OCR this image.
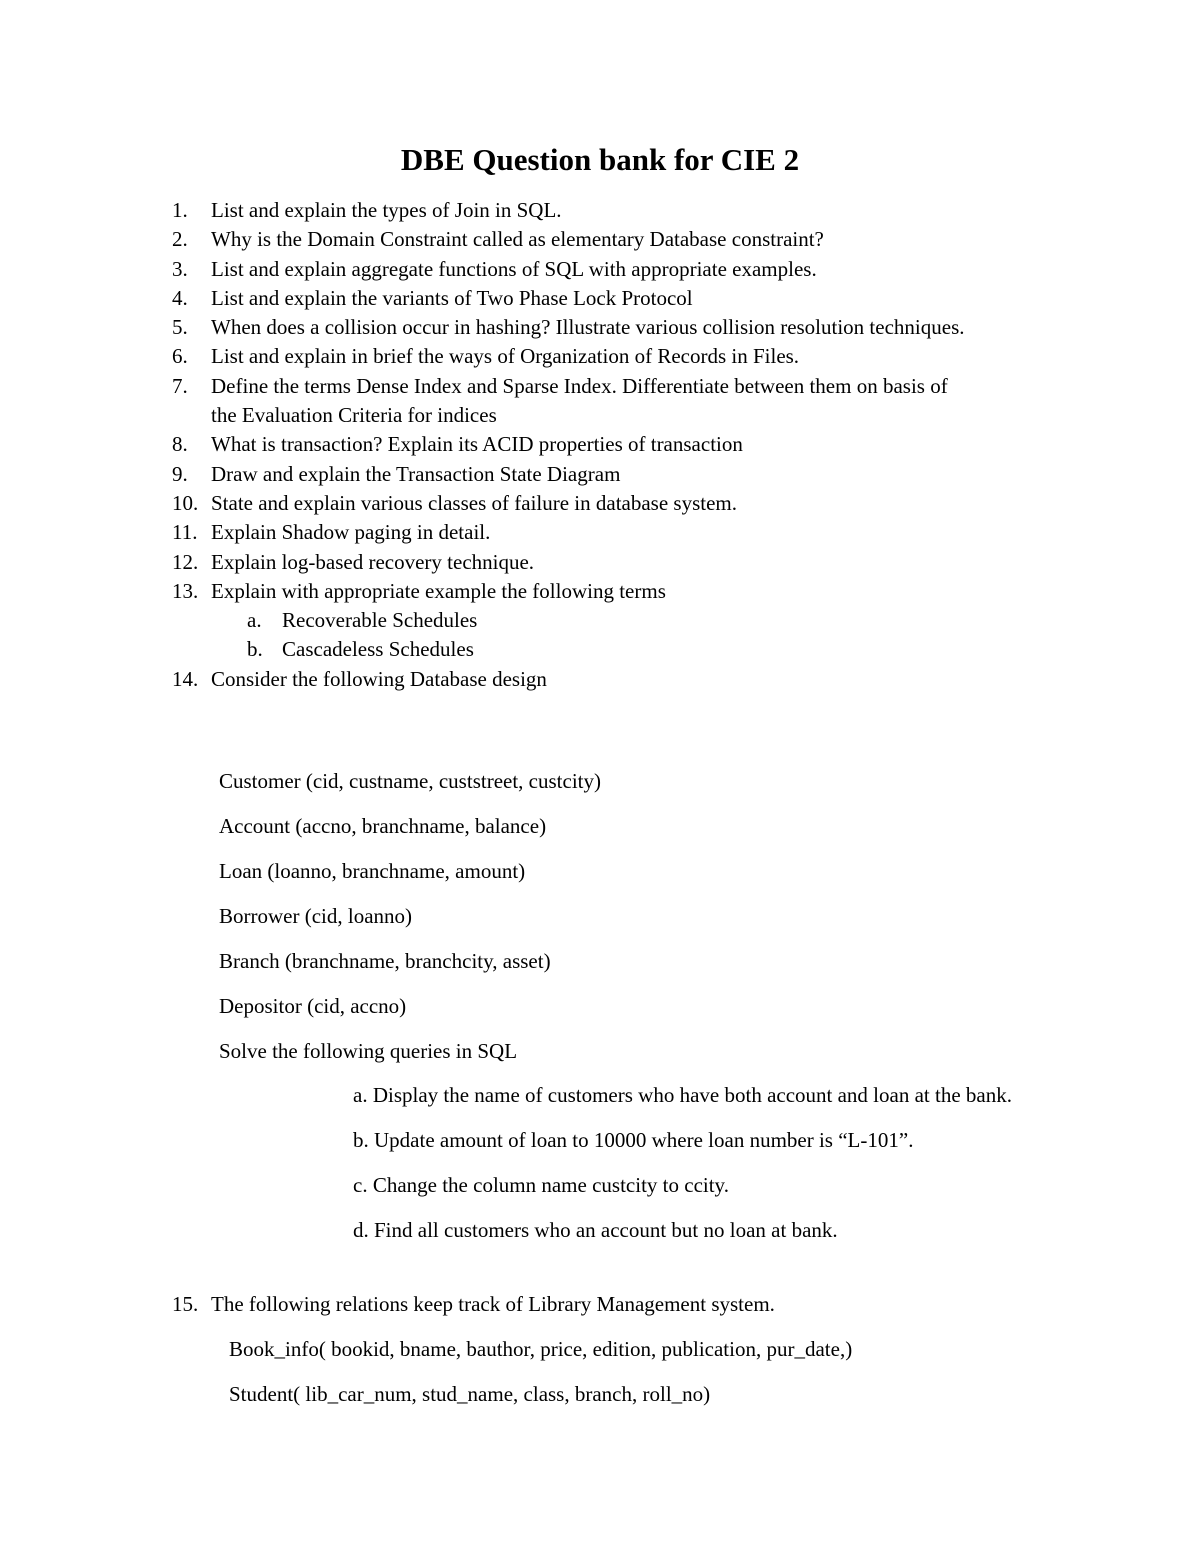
DBE Question bank for CIE 2
1.	List and explain the types of Join in SQL.
2.	Why is the Domain Constraint called as elementary Database constraint?
3.	List and explain aggregate functions of SQL with appropriate examples.
4.	List and explain the variants of Two Phase Lock Protocol
5.	When does a collision occur in hashing? Illustrate various collision resolution techniques.
6.	List and explain in brief the ways of Organization of Records in Files.
7.	Define the terms Dense Index and Sparse Index. Differentiate between them on basis of the Evaluation Criteria for indices
8.	What is transaction? Explain its ACID properties of transaction
9.	Draw and explain the Transaction State Diagram
10. State and explain various classes of failure in database system.
11. Explain Shadow paging in detail.
12. Explain log-based recovery technique.
13. Explain with appropriate example the following terms
a. Recoverable Schedules
b. Cascadeless Schedules
14. Consider the following Database design
Customer (cid, custname, custstreet, custcity)
Account (accno, branchname, balance)
Loan (loanno, branchname, amount)
Borrower (cid, loanno)
Branch (branchname, branchcity, asset)
Depositor (cid, accno)
Solve the following queries in SQL
a. Display the name of customers who have both account and loan at the bank.
b. Update amount of loan to 10000 where loan number is “L-101”.
c. Change the column name custcity to ccity.
d. Find all customers who an account but no loan at bank.
15. The following relations keep track of Library Management system.
Book_info( bookid, bname, bauthor, price, edition, publication, pur_date,)
Student( lib_car_num, stud_name, class, branch, roll_no)
